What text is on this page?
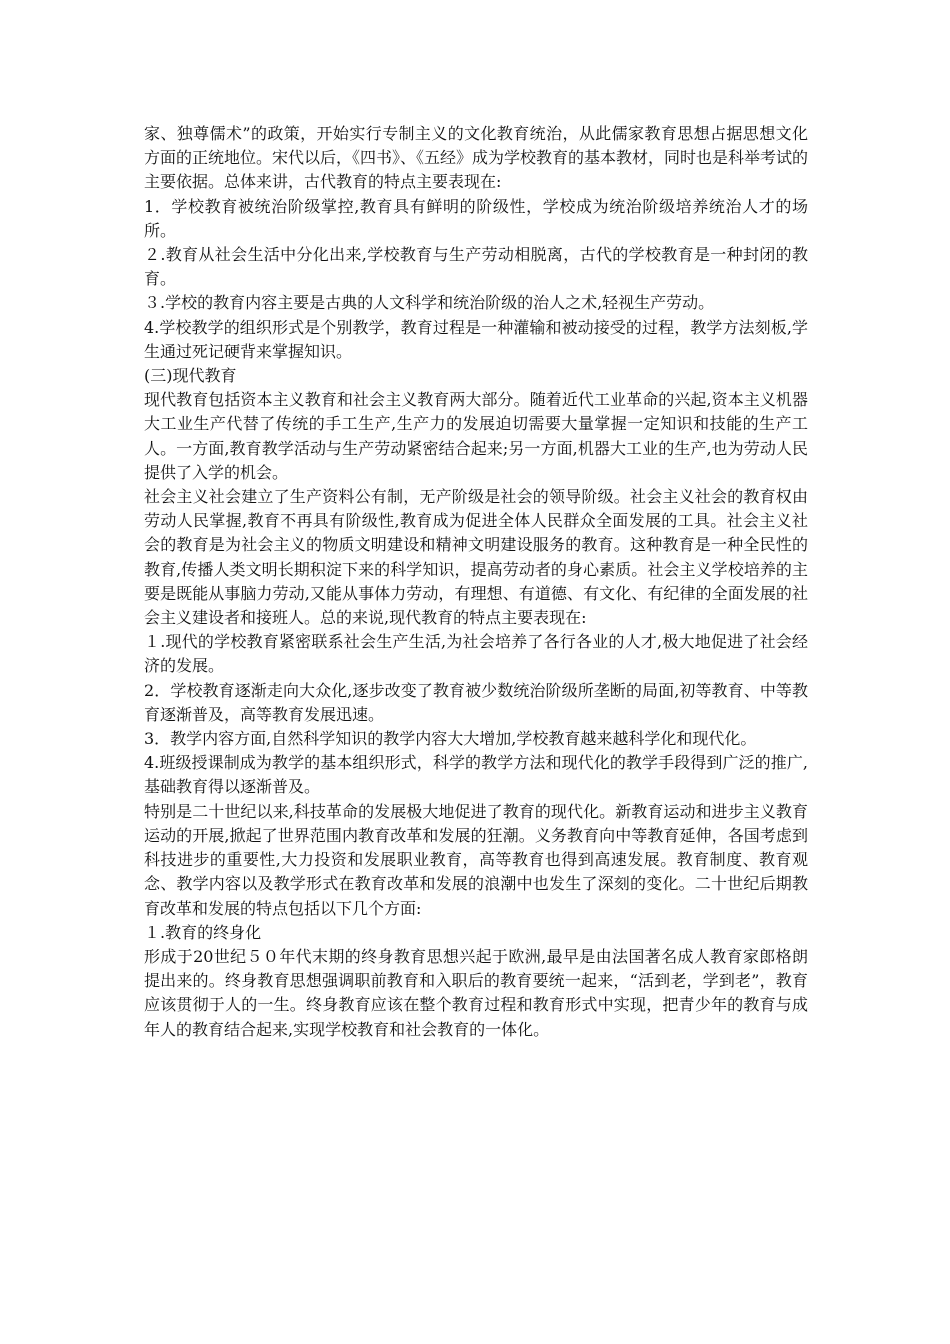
家、独尊儒术”的政策，开始实行专制主义的文化教育统治，从此儒家教育思想占据思想文化方面的正统地位。宋代以后，《四书》、《五经》成为学校教育的基本教材，同时也是科举考试的主要依据。总体来讲，古代教育的特点主要表现在:

1．学校教育被统治阶级掌控,教育具有鲜明的阶级性，学校成为统治阶级培养统治人才的场所。

２.教育从社会生活中分化出来,学校教育与生产劳动相脱离，古代的学校教育是一种封闭的教育。

３.学校的教育内容主要是古典的人文科学和统治阶级的治人之术,轻视生产劳动。

4.学校教学的组织形式是个别教学，教育过程是一种灌输和被动接受的过程，教学方法刻板,学生通过死记硬背来掌握知识。

(三)现代教育

现代教育包括资本主义教育和社会主义教育两大部分。随着近代工业革命的兴起,资本主义机器大工业生产代替了传统的手工生产,生产力的发展迫切需要大量掌握一定知识和技能的生产工人。一方面,教育教学活动与生产劳动紧密结合起来;另一方面,机器大工业的生产,也为劳动人民提供了入学的机会。

社会主义社会建立了生产资料公有制，无产阶级是社会的领导阶级。社会主义社会的教育权由劳动人民掌握,教育不再具有阶级性,教育成为促进全体人民群众全面发展的工具。社会主义社会的教育是为社会主义的物质文明建设和精神文明建设服务的教育。这种教育是一种全民性的教育,传播人类文明长期积淀下来的科学知识，提高劳动者的身心素质。社会主义学校培养的主要是既能从事脑力劳动,又能从事体力劳动，有理想、有道德、有文化、有纪律的全面发展的社会主义建设者和接班人。总的来说,现代教育的特点主要表现在:

１.现代的学校教育紧密联系社会生产生活,为社会培养了各行各业的人才,极大地促进了社会经济的发展。

2．学校教育逐渐走向大众化,逐步改变了教育被少数统治阶级所垄断的局面,初等教育、中等教育逐渐普及，高等教育发展迅速。

3．教学内容方面,自然科学知识的教学内容大大增加,学校教育越来越科学化和现代化。

4.班级授课制成为教学的基本组织形式，科学的教学方法和现代化的教学手段得到广泛的推广,基础教育得以逐渐普及。

特别是二十世纪以来,科技革命的发展极大地促进了教育的现代化。新教育运动和进步主义教育运动的开展,掀起了世界范围内教育改革和发展的狂潮。义务教育向中等教育延伸，各国考虑到科技进步的重要性,大力投资和发展职业教育，高等教育也得到高速发展。教育制度、教育观念、教学内容以及教学形式在教育改革和发展的浪潮中也发生了深刻的变化。二十世纪后期教育改革和发展的特点包括以下几个方面:

１.教育的终身化

形成于20世纪５０年代末期的终身教育思想兴起于欧洲,最早是由法国著名成人教育家郎格朗提出来的。终身教育思想强调职前教育和入职后的教育要统一起来，“活到老，学到老”，教育应该贯彻于人的一生。终身教育应该在整个教育过程和教育形式中实现，把青少年的教育与成年人的教育结合起来,实现学校教育和社会教育的一体化。
